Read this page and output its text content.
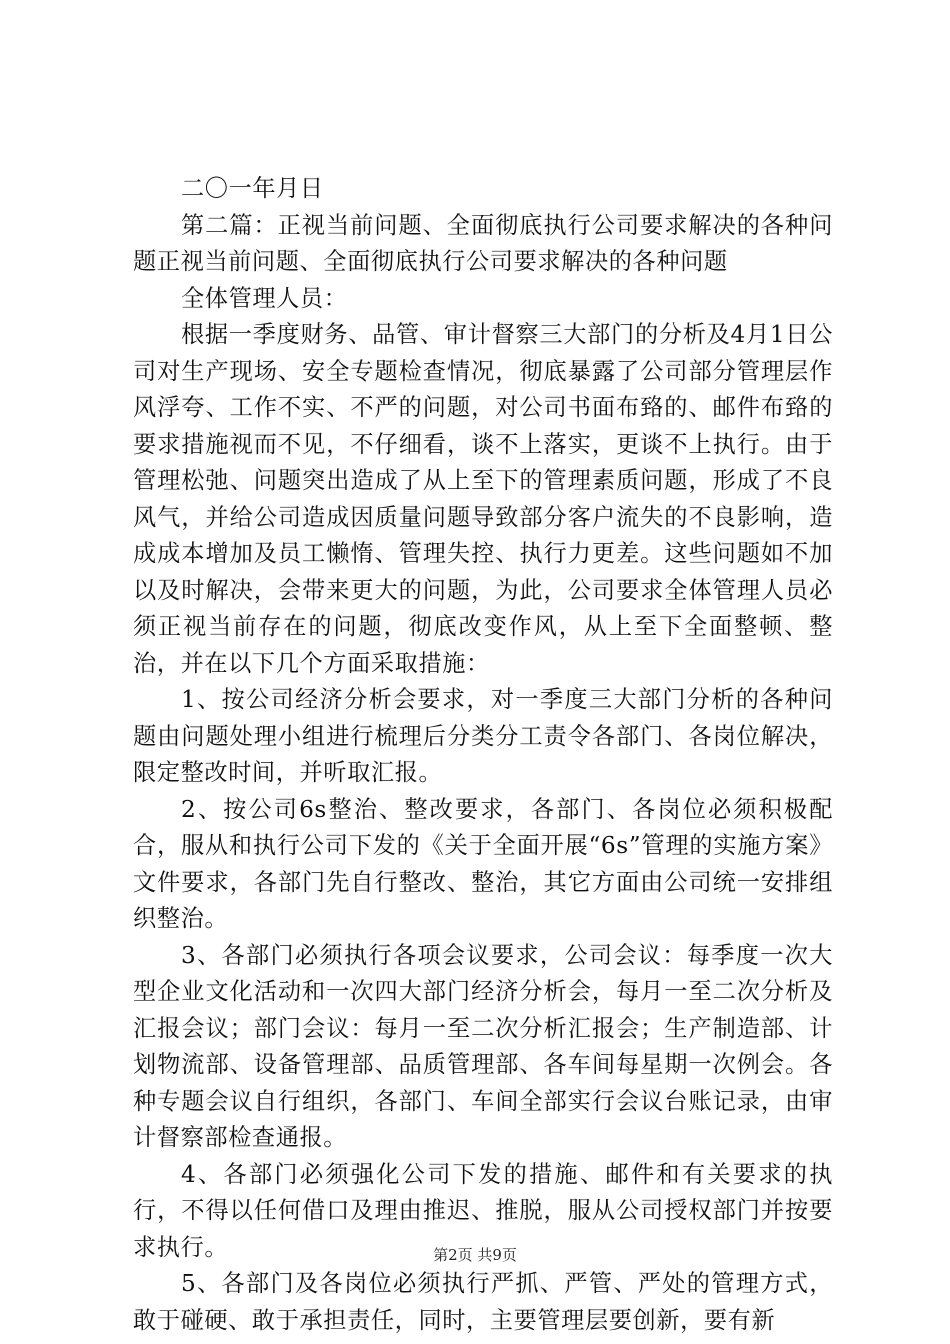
二〇一年月日

第二篇：正视当前问题、全面彻底执行公司要求解决的各种问题正视当前问题、全面彻底执行公司要求解决的各种问题

全体管理人员：

根据一季度财务、品管、审计督察三大部门的分析及4月1日公司对生产现场、安全专题检查情况，彻底暴露了公司部分管理层作风浮夸、工作不实、不严的问题，对公司书面布臵的、邮件布臵的要求措施视而不见，不仔细看，谈不上落实，更谈不上执行。由于管理松弛、问题突出造成了从上至下的管理素质问题，形成了不良风气，并给公司造成因质量问题导致部分客户流失的不良影响，造成成本增加及员工懒惰、管理失控、执行力更差。这些问题如不加以及时解决，会带来更大的问题，为此，公司要求全体管理人员必须正视当前存在的问题，彻底改变作风，从上至下全面整顿、整治，并在以下几个方面采取措施：

1、按公司经济分析会要求，对一季度三大部门分析的各种问题由问题处理小组进行梳理后分类分工责令各部门、各岗位解决，限定整改时间，并听取汇报。

2、按公司6s整治、整改要求，各部门、各岗位必须积极配合，服从和执行公司下发的《关于全面开展“6s”管理的实施方案》文件要求，各部门先自行整改、整治，其它方面由公司统一安排组织整治。

3、各部门必须执行各项会议要求，公司会议：每季度一次大型企业文化活动和一次四大部门经济分析会，每月一至二次分析及汇报会议；部门会议：每月一至二次分析汇报会；生产制造部、计划物流部、设备管理部、品质管理部、各车间每星期一次例会。各种专题会议自行组织，各部门、车间全部实行会议台账记录，由审计督察部检查通报。

4、各部门必须强化公司下发的措施、邮件和有关要求的执行，不得以任何借口及理由推迟、推脱，服从公司授权部门并按要求执行。

5、各部门及各岗位必须执行严抓、严管、严处的管理方式，敢于碰硬、敢于承担责任，同时，主要管理层要创新，要有新

第2页 共9页
